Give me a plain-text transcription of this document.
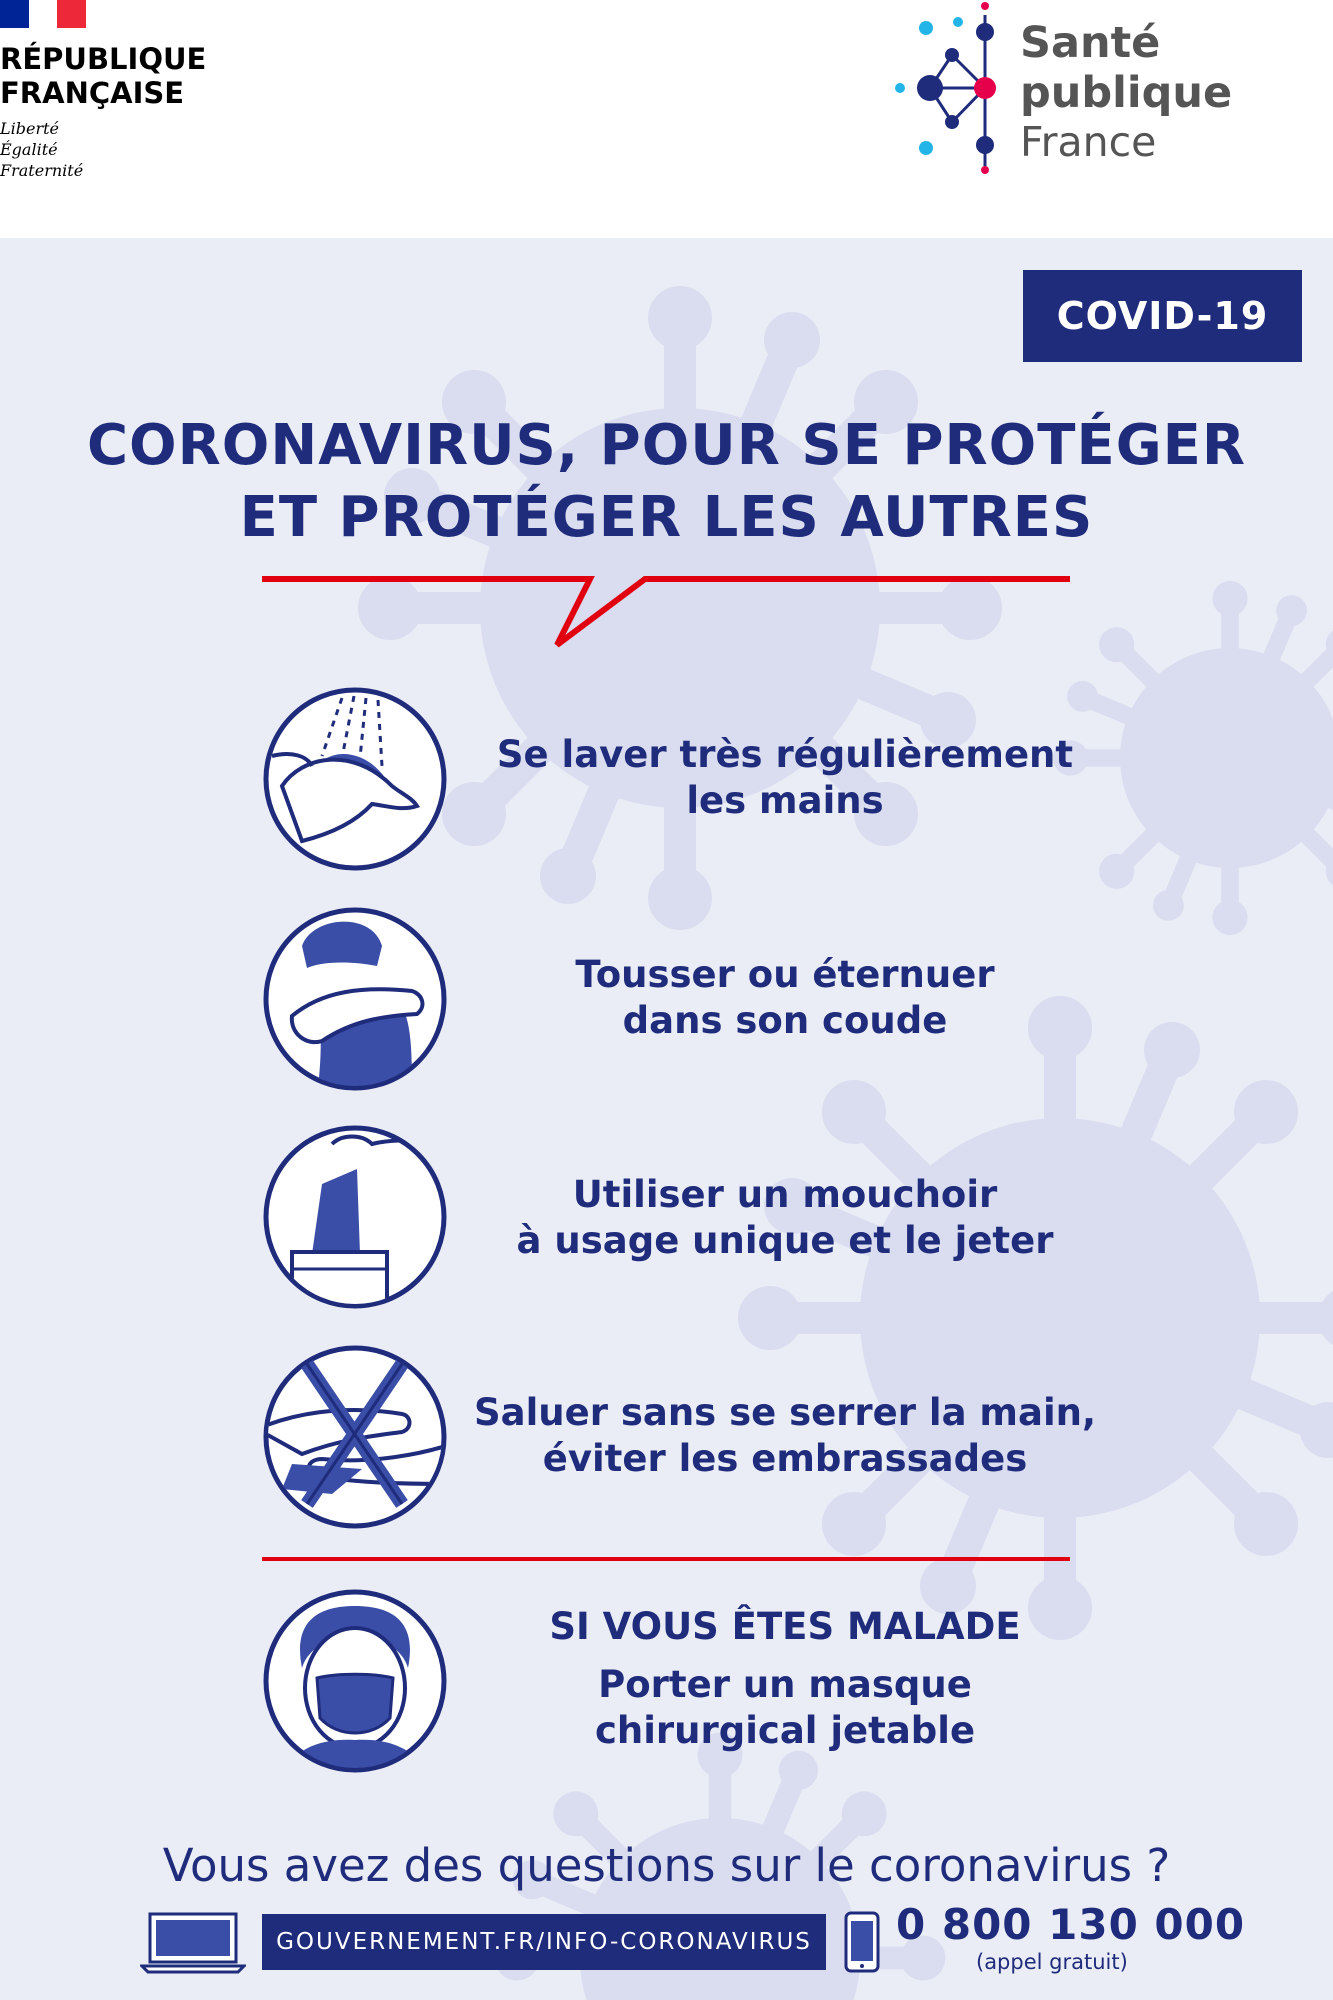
RÉPUBLIQUE
FRANÇAISE
Liberté
Égalité
Fraternité
Santé
publique
France
COVID-19
CORONAVIRUS, POUR SE PROTÉGER
ET PROTÉGER LES AUTRES
Se laver très régulièrement
les mains
Tousser ou éternuer
dans son coude
Utiliser un mouchoir
à usage unique et le jeter
Saluer sans se serrer la main,
éviter les embrassades
SI VOUS ÊTES MALADE
Porter un masque
chirurgical jetable
Vous avez des questions sur le coronavirus ?
GOUVERNEMENT.FR/INFO-CORONAVIRUS	0 800 130 000
(appel gratuit)
